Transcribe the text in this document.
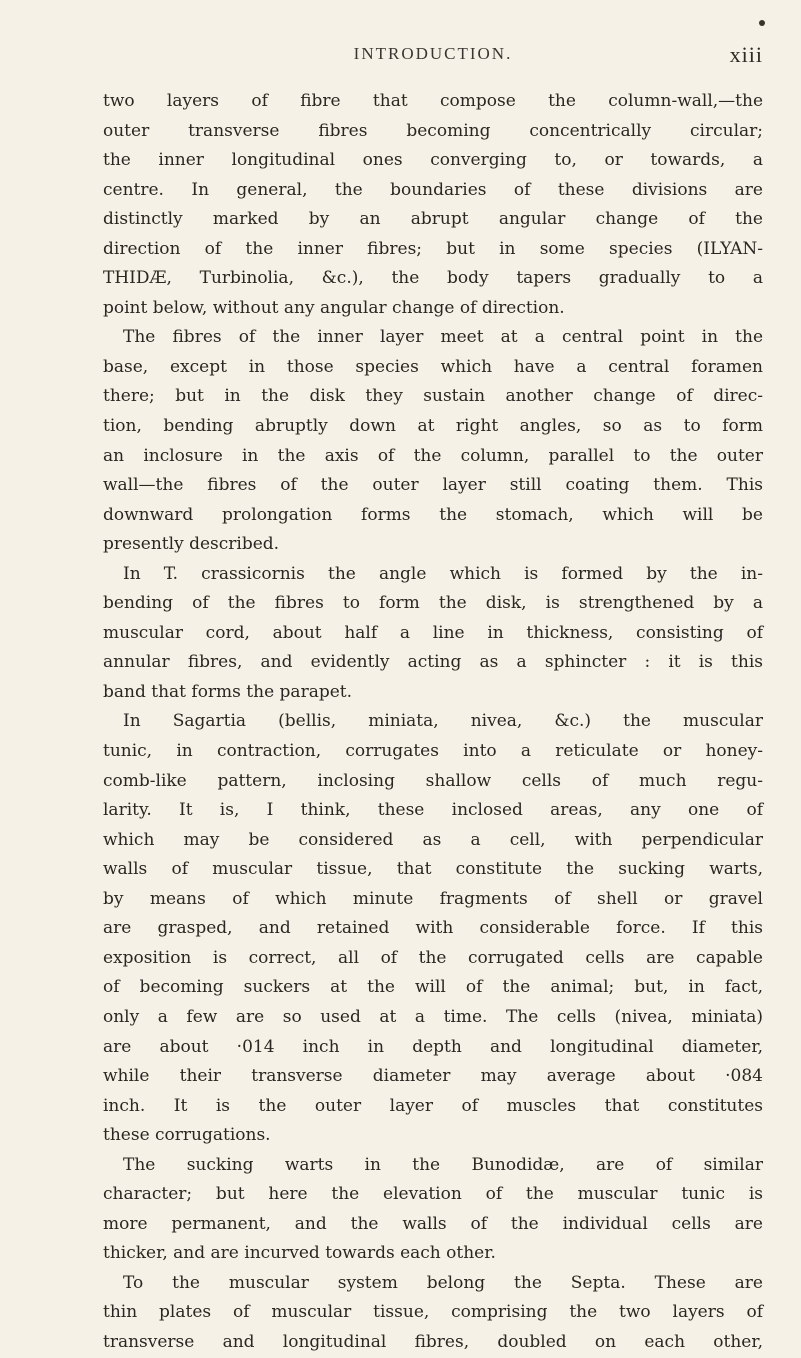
INTRODUCTION.	xiii
two layers of fibre that compose the column-wall,—the
outer transverse fibres becoming concentrically circular;
the inner longitudinal ones converging to, or towards, a
centre. In general, the boundaries of these divisions are
distinctly marked by an abrupt angular change of the
direction of the inner fibres; but in some species (ILYAN-
THIDÆ, Turbinolia, &c.), the body tapers gradually to a
point below, without any angular change of direction.
The fibres of the inner layer meet at a central point in the
base, except in those species which have a central foramen
there; but in the disk they sustain another change of direc-
tion, bending abruptly down at right angles, so as to form
an inclosure in the axis of the column, parallel to the outer
wall—the fibres of the outer layer still coating them. This
downward prolongation forms the stomach, which will be
presently described.
In T. crassicornis the angle which is formed by the in-
bending of the fibres to form the disk, is strengthened by a
muscular cord, about half a line in thickness, consisting of
annular fibres, and evidently acting as a sphincter : it is this
band that forms the parapet.
In Sagartia (bellis, miniata, nivea, &c.) the muscular
tunic, in contraction, corrugates into a reticulate or honey-
comb-like pattern, inclosing shallow cells of much regu-
larity. It is, I think, these inclosed areas, any one of
which may be considered as a cell, with perpendicular
walls of muscular tissue, that constitute the sucking warts,
by means of which minute fragments of shell or gravel
are grasped, and retained with considerable force. If this
exposition is correct, all of the corrugated cells are capable
of becoming suckers at the will of the animal; but, in fact,
only a few are so used at a time. The cells (nivea, miniata)
are about ·014 inch in depth and longitudinal diameter,
while their transverse diameter may average about ·084
inch. It is the outer layer of muscles that constitutes
these corrugations.
The sucking warts in the Bunodidæ, are of similar
character; but here the elevation of the muscular tunic is
more permanent, and the walls of the individual cells are
thicker, and are incurved towards each other.
To the muscular system belong the Septa. These are
thin plates of muscular tissue, comprising the two layers of
transverse and longitudinal fibres, doubled on each other,
